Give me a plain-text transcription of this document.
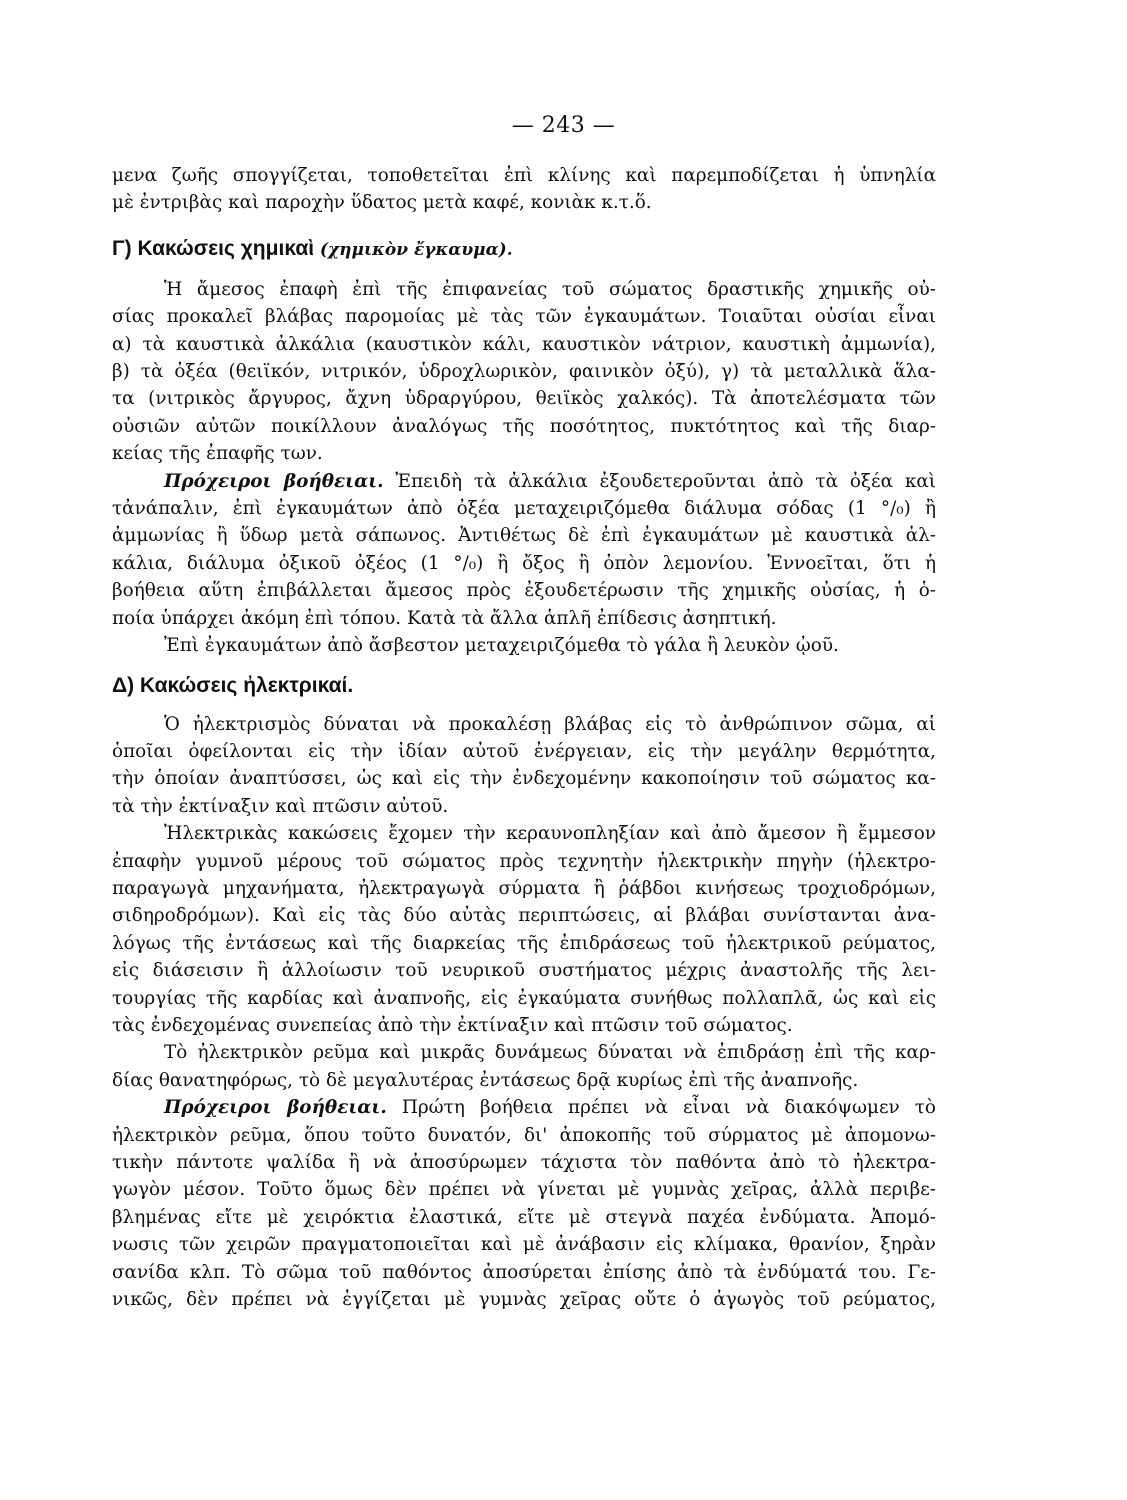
— 243 —
μενα ζωῆς σπογγίζεται, τοποθετεῖται ἐπὶ κλίνης καὶ παρεμποδίζεται ἡ ὑπνηλία
μὲ ἐντριβὰς καὶ παροχὴν ὕδατος μετὰ καφέ, κονιὰκ κ.τ.ὅ.
Γ) Κακώσεις χημικαὶ (χημικὸν ἔγκαυμα).
Ἡ ἄμεσος ἐπαφὴ ἐπὶ τῆς ἐπιφανείας τοῦ σώματος δραστικῆς χημικῆς οὐ-
σίας προκαλεῖ βλάβας παρομοίας μὲ τὰς τῶν ἐγκαυμάτων. Τοιαῦται οὐσίαι εἶναι
α) τὰ καυστικὰ ἀλκάλια (καυστικὸν κάλι, καυστικὸν νάτριον, καυστικὴ ἀμμωνία),
β) τὰ ὀξέα (θειϊκόν, νιτρικόν, ὑδροχλωρικὸν, φαινικὸν ὀξύ), γ) τὰ μεταλλικὰ ἅλα-
τα (νιτρικὸς ἄργυρος, ἄχνη ὑδραργύρου, θειϊκὸς χαλκός). Τὰ ἀποτελέσματα τῶν
οὐσιῶν αὐτῶν ποικίλλουν ἀναλόγως τῆς ποσότητος, πυκτότητος καὶ τῆς διαρ-
κείας τῆς ἐπαφῆς των.
Πρόχειροι βοήθειαι. Ἐπειδὴ τὰ ἀλκάλια ἐξουδετεροῦνται ἀπὸ τὰ ὀξέα καὶ
τἀνάπαλιν, ἐπὶ ἐγκαυμάτων ἀπὸ ὀξέα μεταχειριζόμεθα διάλυμα σόδας (1 °/₀) ἢ
ἀμμωνίας ἢ ὕδωρ μετὰ σάπωνος. Ἀντιθέτως δὲ ἐπὶ ἐγκαυμάτων μὲ καυστικὰ ἀλ-
κάλια, διάλυμα ὀξικοῦ ὀξέος (1 °/₀) ἢ ὄξος ἢ ὀπὸν λεμονίου. Ἐννοεῖται, ὅτι ἡ
βοήθεια αὕτη ἐπιβάλλεται ἄμεσος πρὸς ἐξουδετέρωσιν τῆς χημικῆς οὐσίας, ἡ ὁ-
ποία ὑπάρχει ἀκόμη ἐπὶ τόπου. Κατὰ τὰ ἄλλα ἁπλῆ ἐπίδεσις ἀσηπτική.
Ἐπὶ ἐγκαυμάτων ἀπὸ ἄσβεστον μεταχειριζόμεθα τὸ γάλα ἢ λευκὸν ᾠοῦ.
Δ) Κακώσεις ἠλεκτρικαί.
Ὁ ἠλεκτρισμὸς δύναται νὰ προκαλέσῃ βλάβας εἰς τὸ ἀνθρώπινον σῶμα, αἱ
ὁποῖαι ὀφείλονται εἰς τὴν ἰδίαν αὐτοῦ ἐνέργειαν, εἰς τὴν μεγάλην θερμότητα,
τὴν ὁποίαν ἀναπτύσσει, ὡς καὶ εἰς τὴν ἐνδεχομένην κακοποίησιν τοῦ σώματος κα-
τὰ τὴν ἐκτίναξιν καὶ πτῶσιν αὐτοῦ.
Ἠλεκτρικὰς κακώσεις ἔχομεν τὴν κεραυνοπληξίαν καὶ ἀπὸ ἄμεσον ἢ ἔμμεσον
ἐπαφὴν γυμνοῦ μέρους τοῦ σώματος πρὸς τεχνητὴν ἠλεκτρικὴν πηγὴν (ἠλεκτρο-
παραγωγὰ μηχανήματα, ἠλεκτραγωγὰ σύρματα ἢ ῥάβδοι κινήσεως τροχιοδρόμων,
σιδηροδρόμων). Καὶ εἰς τὰς δύο αὐτὰς περιπτώσεις, αἱ βλάβαι συνίστανται ἀνα-
λόγως τῆς ἐντάσεως καὶ τῆς διαρκείας τῆς ἐπιδράσεως τοῦ ἠλεκτρικοῦ ρεύματος,
εἰς διάσεισιν ἢ ἀλλοίωσιν τοῦ νευρικοῦ συστήματος μέχρις ἀναστολῆς τῆς λει-
τουργίας τῆς καρδίας καὶ ἀναπνοῆς, εἰς ἐγκαύματα συνήθως πολλαπλᾶ, ὡς καὶ εἰς
τὰς ἐνδεχομένας συνεπείας ἀπὸ τὴν ἐκτίναξιν καὶ πτῶσιν τοῦ σώματος.
Τὸ ἠλεκτρικὸν ρεῦμα καὶ μικρᾶς δυνάμεως δύναται νὰ ἐπιδράσῃ ἐπὶ τῆς καρ-
δίας θανατηφόρως, τὸ δὲ μεγαλυτέρας ἐντάσεως δρᾷ κυρίως ἐπὶ τῆς ἀναπνοῆς.
Πρόχειροι βοήθειαι. Πρώτη βοήθεια πρέπει νὰ εἶναι νὰ διακόψωμεν τὸ
ἠλεκτρικὸν ρεῦμα, ὅπου τοῦτο δυνατόν, δι' ἀποκοπῆς τοῦ σύρματος μὲ ἀπομονω-
τικὴν πάντοτε ψαλίδα ἢ νὰ ἀποσύρωμεν τάχιστα τὸν παθόντα ἀπὸ τὸ ἠλεκτρα-
γωγὸν μέσον. Τοῦτο ὅμως δὲν πρέπει νὰ γίνεται μὲ γυμνὰς χεῖρας, ἀλλὰ περιβε-
βλημένας εἴτε μὲ χειρόκτια ἐλαστικά, εἴτε μὲ στεγνὰ παχέα ἐνδύματα. Ἀπομό-
νωσις τῶν χειρῶν πραγματοποιεῖται καὶ μὲ ἀνάβασιν εἰς κλίμακα, θρανίον, ξηρὰν
σανίδα κλπ. Τὸ σῶμα τοῦ παθόντος ἀποσύρεται ἐπίσης ἀπὸ τὰ ἐνδύματά του. Γε-
νικῶς, δὲν πρέπει νὰ ἐγγίζεται μὲ γυμνὰς χεῖρας οὔτε ὁ ἀγωγὸς τοῦ ρεύματος,
